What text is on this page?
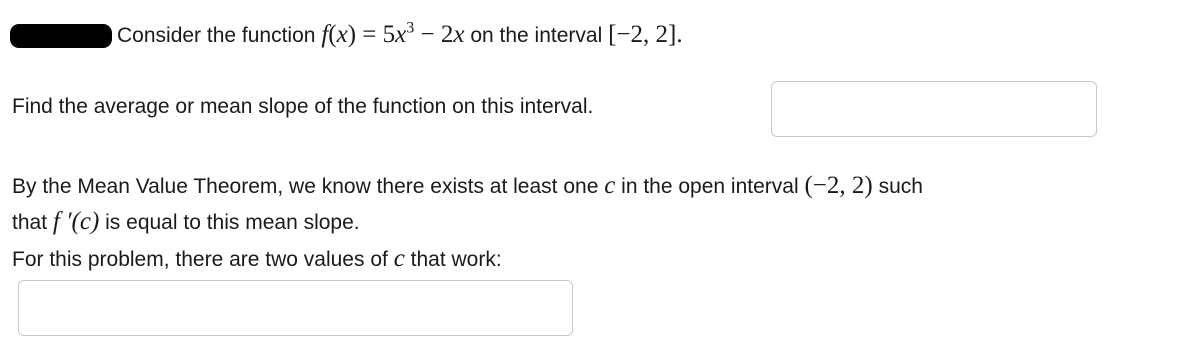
Consider the function $f(x) = 5x^3 - 2x$ on the interval [−2, 2].
Find the average or mean slope of the function on this interval.
By the Mean Value Theorem, we know there exists at least one c in the open interval (−2, 2) such
that f ′(c) is equal to this mean slope.
For this problem, there are two values of c that work:
